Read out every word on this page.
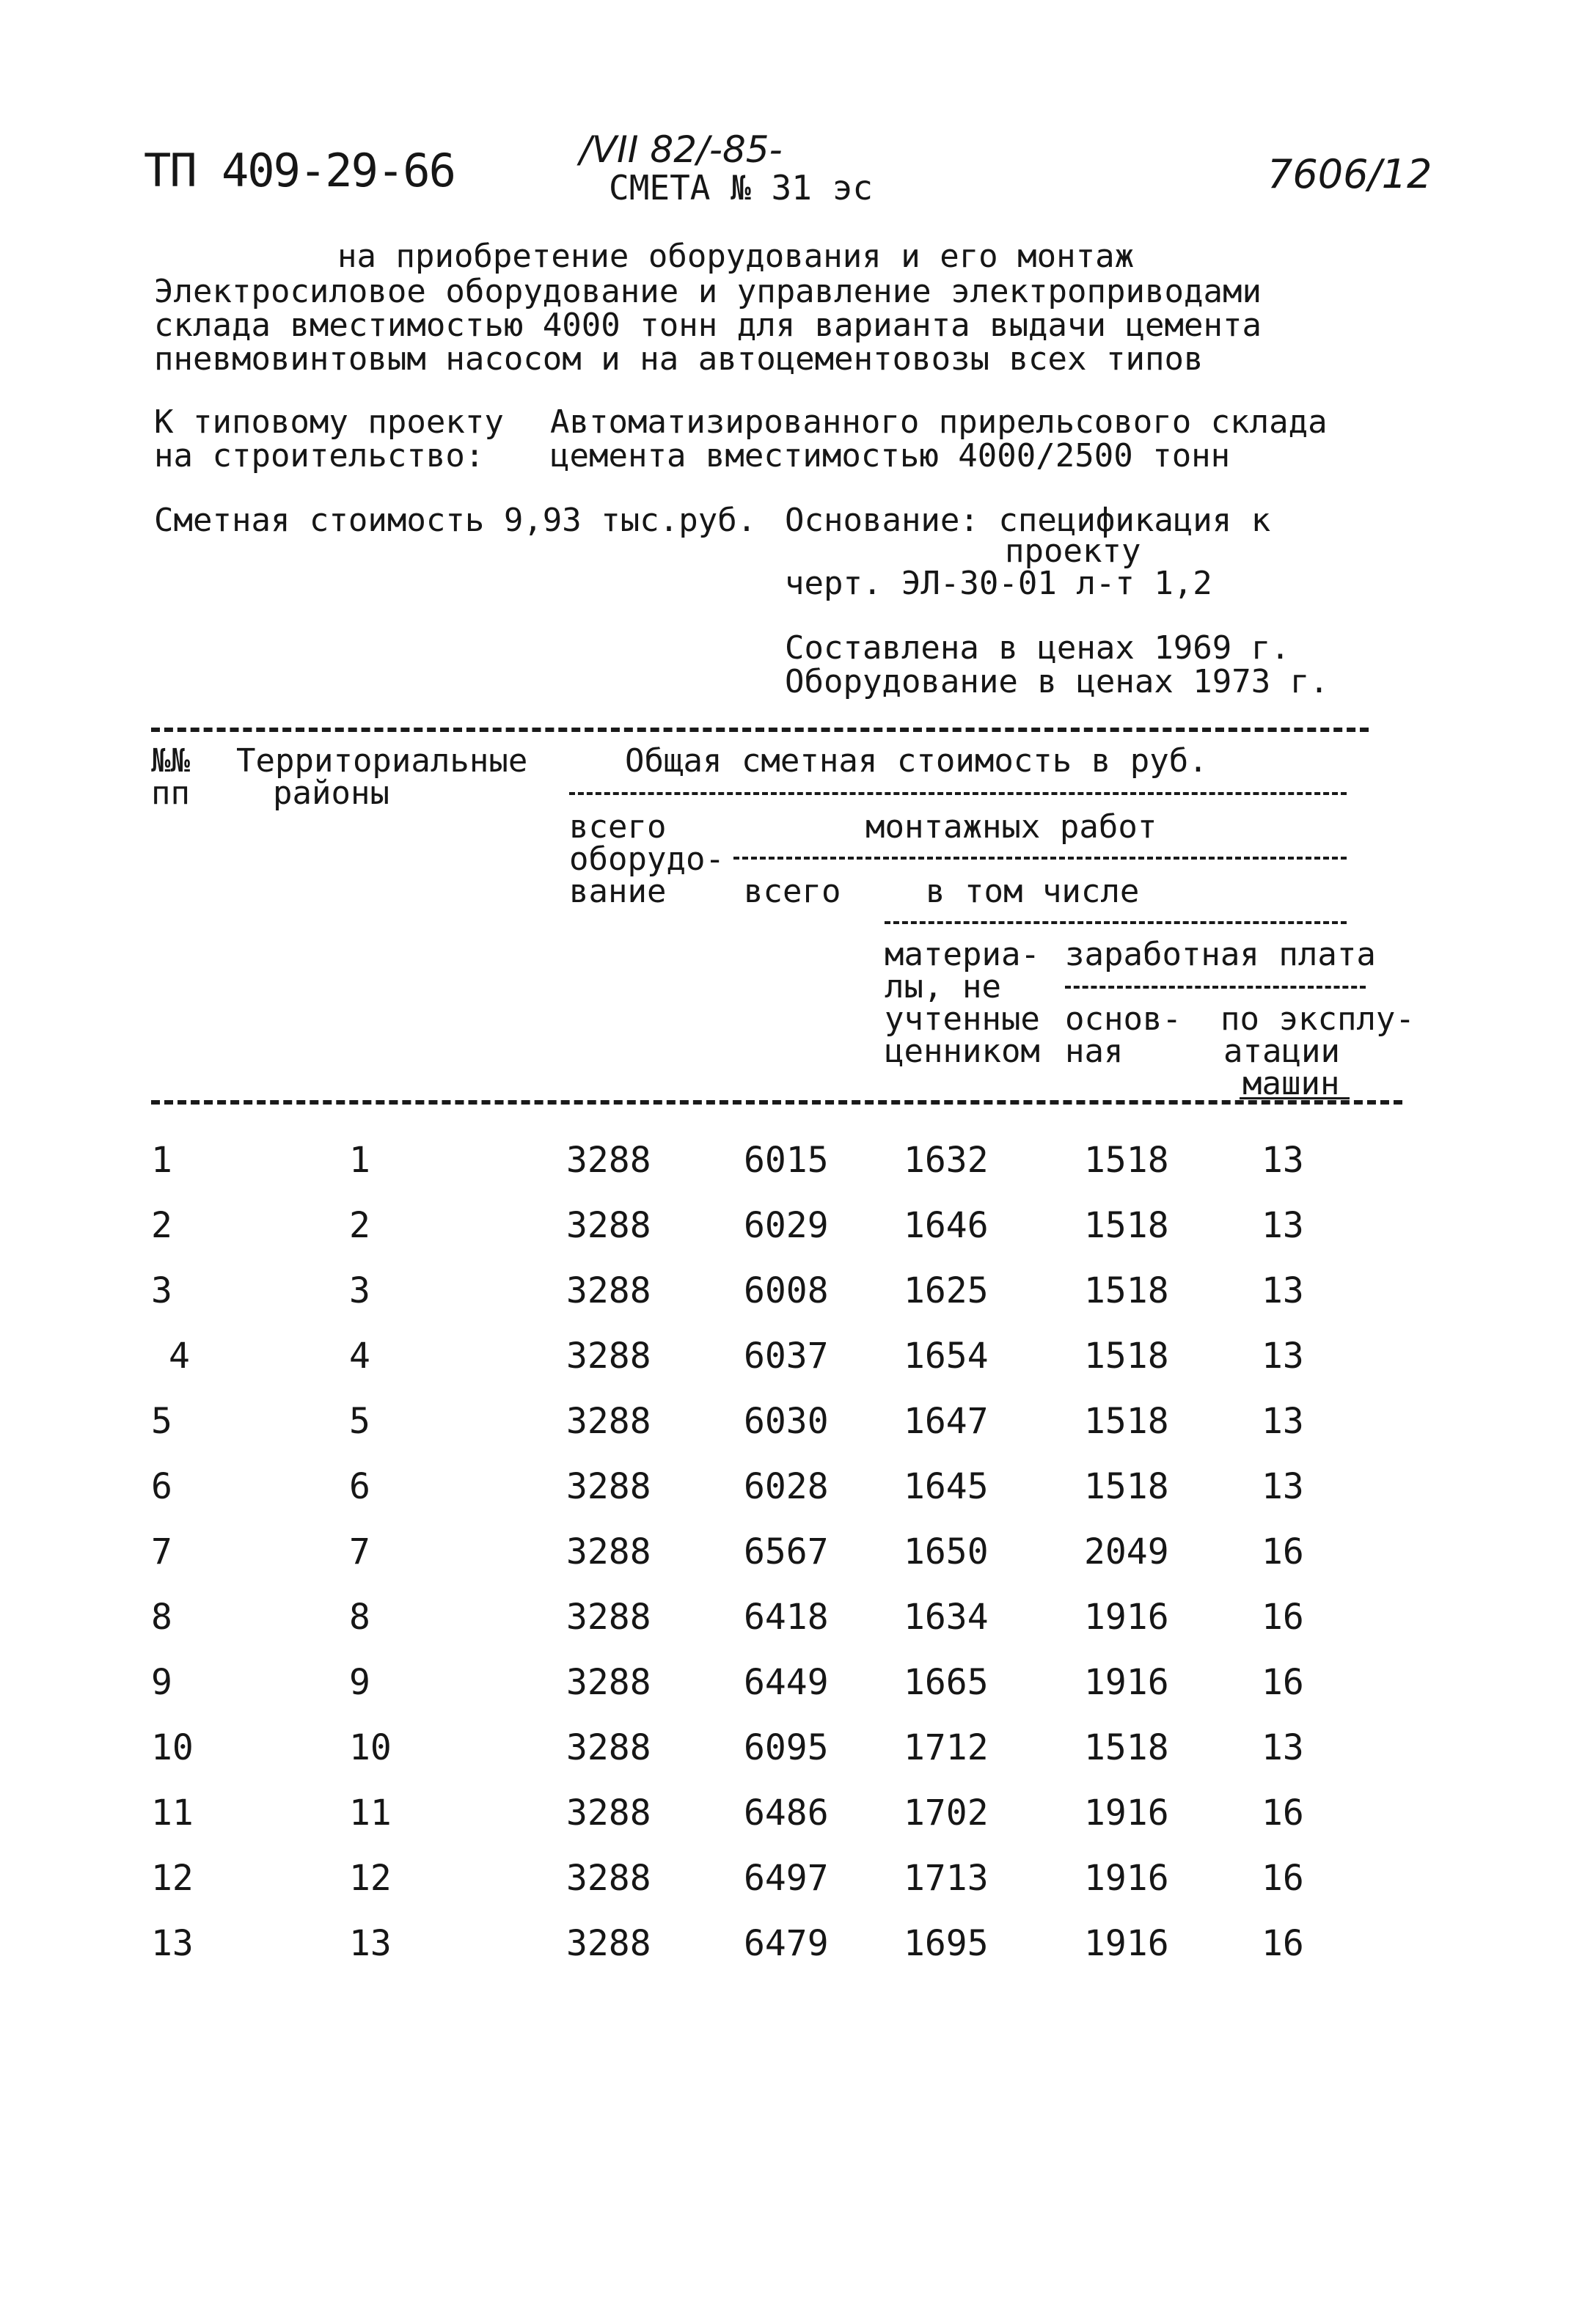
ТП 409-29-66	/VII 82/-85-
СМЕТА № 31 эс	7606/12
на приобретение оборудования и его монтаж
Электросиловое оборудование и управление электроприводами
склада вместимостью 4000 тонн для варианта выдачи цемента
пневмовинтовым насосом и на автоцементовозы всех типов
К типовому проекту
на строительство:
Автоматизированного прирельсового склада
цемента вместимостью 4000/2500 тонн
Сметная стоимость 9,93 тыс.руб. Основание: спецификация к
проекту
черт. ЭЛ-30-01 л-т 1,2
Составлена в ценах 1969 г.
Оборудование в ценах 1973 г.
№№
пп
Территориальные
районы
Общая сметная стоимость в руб.
всего
оборудо-
вание
монтажных работ
всего	в том числе
материа-
лы, не
учтенные
ценником
заработная плата
основ-
ная
по эксплу-
атации
машин
1	1	3288	6015 1632	1518	13
2	2	3288	6029 1646	1518	13
3	3	3288	6008 1625	1518	13
4	4	3288	6037 1654	1518	13
5	5	3288	6030 1647	1518	13
6	6	3288	6028 1645	1518	13
7	7	3288	6567 1650	2049	16
8	8	3288	6418 1634	1916	16
9	9	3288	6449 1665	1916	16
10	10	3288	6095 1712	1518	13
11	11	3288	6486 1702	1916	16
12	12	3288	6497 1713	1916	16
13	13	3288	6479 1695	1916	16
